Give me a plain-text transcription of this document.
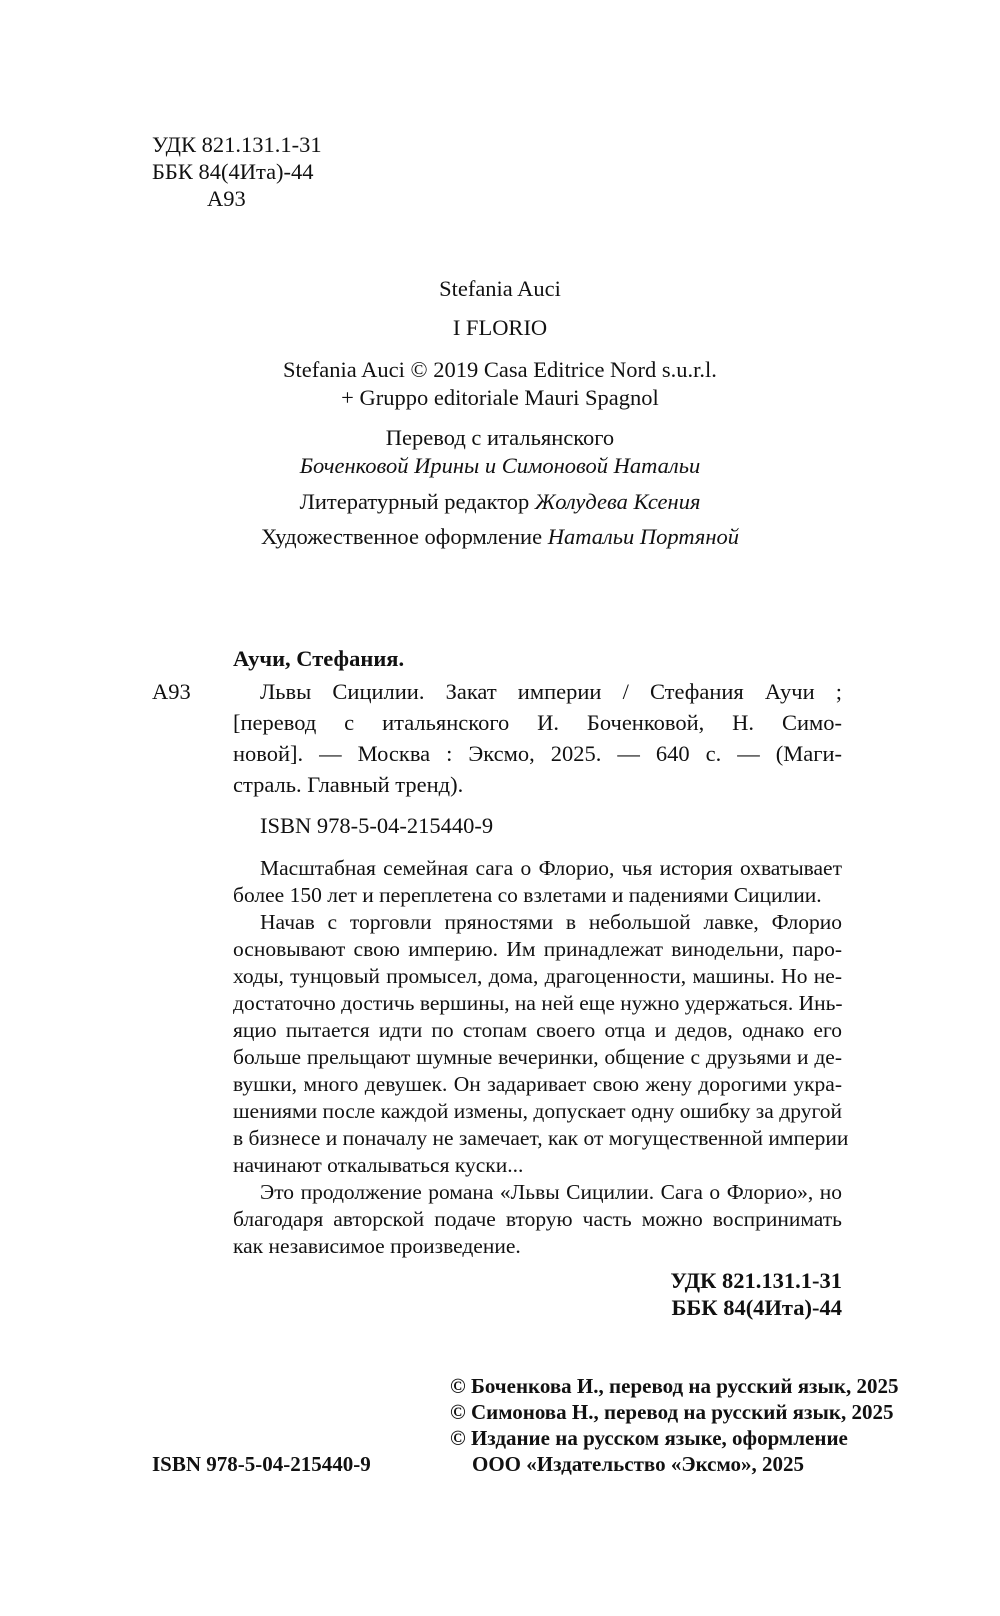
УДК 821.131.1-31
ББК 84(4Ита)-44
А93
Stefania Auci
I FLORIO
Stefania Auci © 2019 Casa Editrice Nord s.u.r.l.
+ Gruppo editoriale Mauri Spagnol
Перевод с итальянского
Боченковой Ирины и Симоновой Натальи
Литературный редактор Жолудева Ксения
Художественное оформление Натальи Портяной
Аучи, Стефания.
А93	Львы Сицилии. Закат империи / Стефания Аучи ;
[перевод с итальянского И. Боченковой, Н. Симо-
новой]. — Москва : Эксмо, 2025. — 640 с. — (Маги-
страль. Главный тренд).
ISBN 978-5-04-215440-9
Масштабная семейная сага о Флорио, чья история охватывает
более 150 лет и переплетена со взлетами и падениями Сицилии.
Начав с торговли пряностями в небольшой лавке, Флорио
основывают свою империю. Им принадлежат винодельни, паро-
ходы, тунцовый промысел, дома, драгоценности, машины. Но не-
достаточно достичь вершины, на ней еще нужно удержаться. Инь-
яцио пытается идти по стопам своего отца и дедов, однако его
больше прельщают шумные вечеринки, общение с друзьями и де-
вушки, много девушек. Он задаривает свою жену дорогими укра-
шениями после каждой измены, допускает одну ошибку за другой
в бизнесе и поначалу не замечает, как от могущественной империи
начинают откалываться куски...
Это продолжение романа «Львы Сицилии. Сага о Флорио», но
благодаря авторской подаче вторую часть можно воспринимать
как независимое произведение.
УДК 821.131.1-31
ББК 84(4Ита)-44
© Боченкова И., перевод на русский язык, 2025
© Симонова Н., перевод на русский язык, 2025
© Издание на русском языке, оформление
ООО «Издательство «Эксмо», 2025
ISBN 978-5-04-215440-9
